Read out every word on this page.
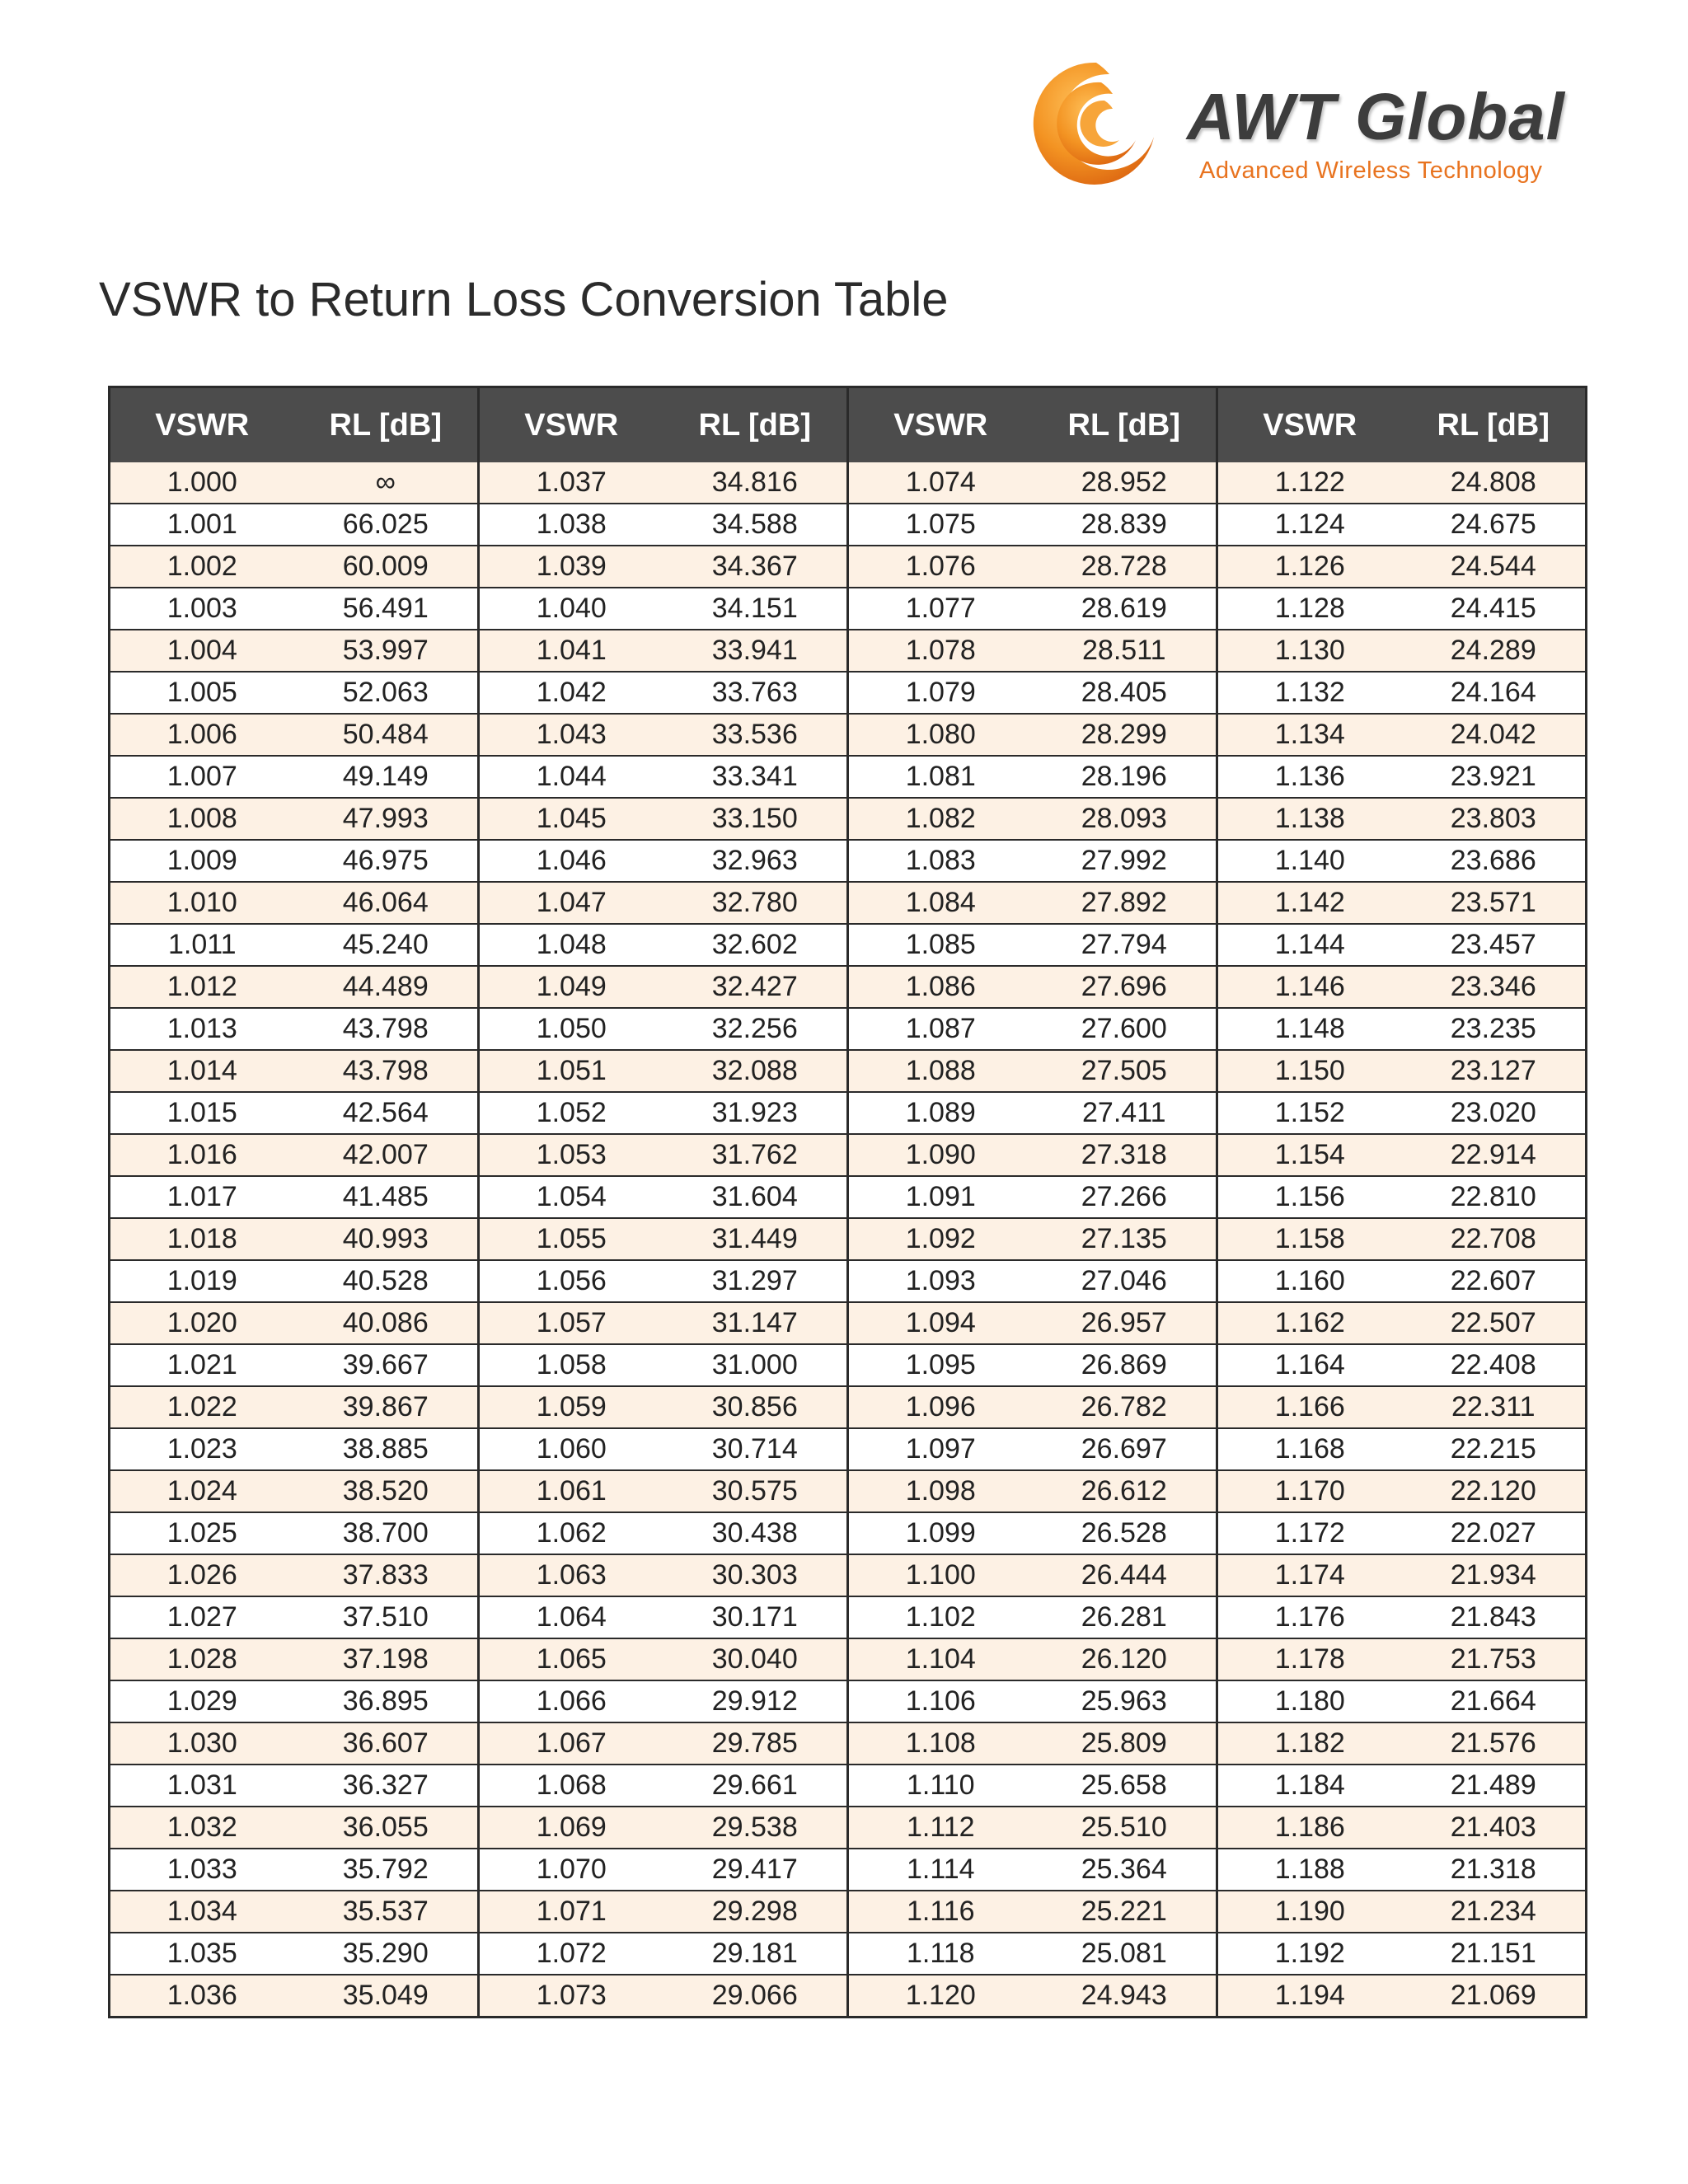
AWT Global
Advanced Wireless Technology
VSWR to Return Loss Conversion Table
VSWR	RL [dB]	VSWR	RL [dB]	VSWR	RL [dB]	VSWR	RL [dB]
1.000	∞	1.037	34.816	1.074	28.952	1.122	24.808
1.001	66.025	1.038	34.588	1.075	28.839	1.124	24.675
1.002	60.009	1.039	34.367	1.076	28.728	1.126	24.544
1.003	56.491	1.040	34.151	1.077	28.619	1.128	24.415
1.004	53.997	1.041	33.941	1.078	28.511	1.130	24.289
1.005	52.063	1.042	33.763	1.079	28.405	1.132	24.164
1.006	50.484	1.043	33.536	1.080	28.299	1.134	24.042
1.007	49.149	1.044	33.341	1.081	28.196	1.136	23.921
1.008	47.993	1.045	33.150	1.082	28.093	1.138	23.803
1.009	46.975	1.046	32.963	1.083	27.992	1.140	23.686
1.010	46.064	1.047	32.780	1.084	27.892	1.142	23.571
1.011	45.240	1.048	32.602	1.085	27.794	1.144	23.457
1.012	44.489	1.049	32.427	1.086	27.696	1.146	23.346
1.013	43.798	1.050	32.256	1.087	27.600	1.148	23.235
1.014	43.798	1.051	32.088	1.088	27.505	1.150	23.127
1.015	42.564	1.052	31.923	1.089	27.411	1.152	23.020
1.016	42.007	1.053	31.762	1.090	27.318	1.154	22.914
1.017	41.485	1.054	31.604	1.091	27.266	1.156	22.810
1.018	40.993	1.055	31.449	1.092	27.135	1.158	22.708
1.019	40.528	1.056	31.297	1.093	27.046	1.160	22.607
1.020	40.086	1.057	31.147	1.094	26.957	1.162	22.507
1.021	39.667	1.058	31.000	1.095	26.869	1.164	22.408
1.022	39.867	1.059	30.856	1.096	26.782	1.166	22.311
1.023	38.885	1.060	30.714	1.097	26.697	1.168	22.215
1.024	38.520	1.061	30.575	1.098	26.612	1.170	22.120
1.025	38.700	1.062	30.438	1.099	26.528	1.172	22.027
1.026	37.833	1.063	30.303	1.100	26.444	1.174	21.934
1.027	37.510	1.064	30.171	1.102	26.281	1.176	21.843
1.028	37.198	1.065	30.040	1.104	26.120	1.178	21.753
1.029	36.895	1.066	29.912	1.106	25.963	1.180	21.664
1.030	36.607	1.067	29.785	1.108	25.809	1.182	21.576
1.031	36.327	1.068	29.661	1.110	25.658	1.184	21.489
1.032	36.055	1.069	29.538	1.112	25.510	1.186	21.403
1.033	35.792	1.070	29.417	1.114	25.364	1.188	21.318
1.034	35.537	1.071	29.298	1.116	25.221	1.190	21.234
1.035	35.290	1.072	29.181	1.118	25.081	1.192	21.151
1.036	35.049	1.073	29.066	1.120	24.943	1.194	21.069
